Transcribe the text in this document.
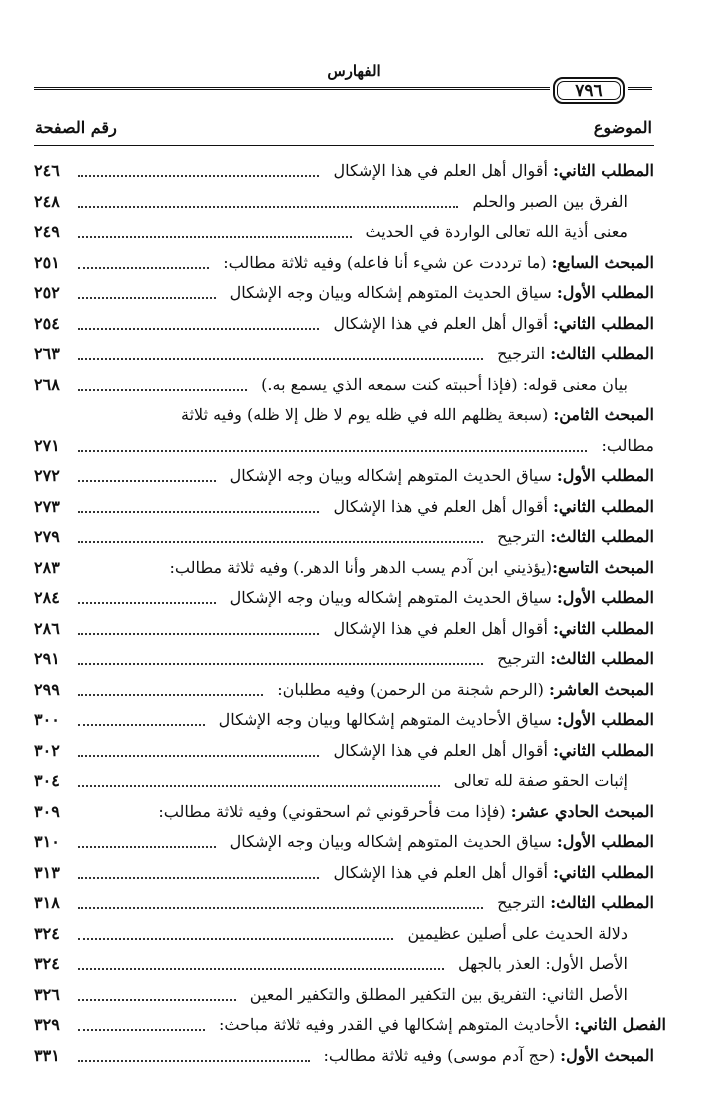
الفهارس
٧٩٦
الموضوع
رقم الصفحة
المطلب الثاني: أقوال أهل العلم في هذا الإشكال
٢٤٦
الفرق بين الصبر والحلم
٢٤٨
معنى أذية الله تعالى الواردة في الحديث
٢٤٩
المبحث السابع: (ما ترددت عن شيء أنا فاعله) وفيه ثلاثة مطالب:
٢٥١
المطلب الأول: سياق الحديث المتوهم إشكاله وبيان وجه الإشكال
٢٥٢
المطلب الثاني: أقوال أهل العلم في هذا الإشكال
٢٥٤
المطلب الثالث: الترجيح
٢٦٣
بيان معنى قوله: (فإذا أحببته كنت سمعه الذي يسمع به.)
٢٦٨
المبحث الثامن: (سبعة يظلهم الله في ظله يوم لا ظل إلا ظله) وفيه ثلاثة
مطالب:
٢٧١
المطلب الأول: سياق الحديث المتوهم إشكاله وبيان وجه الإشكال
٢٧٢
المطلب الثاني: أقوال أهل العلم في هذا الإشكال
٢٧٣
المطلب الثالث: الترجيح
٢٧٩
المبحث التاسع:(يؤذيني ابن آدم يسب الدهر وأنا الدهر.) وفيه ثلاثة مطالب:
٢٨٣
المطلب الأول: سياق الحديث المتوهم إشكاله وبيان وجه الإشكال
٢٨٤
المطلب الثاني: أقوال أهل العلم في هذا الإشكال
٢٨٦
المطلب الثالث: الترجيح
٢٩١
المبحث العاشر: (الرحم شجنة من الرحمن) وفيه مطلبان:
٢٩٩
المطلب الأول: سياق الأحاديث المتوهم إشكالها وبيان وجه الإشكال
٣٠٠
المطلب الثاني: أقوال أهل العلم في هذا الإشكال
٣٠٢
إثبات الحقو صفة لله تعالى
٣٠٤
المبحث الحادي عشر: (فإذا مت فأحرقوني ثم اسحقوني) وفيه ثلاثة مطالب:
٣٠٩
المطلب الأول: سياق الحديث المتوهم إشكاله وبيان وجه الإشكال
٣١٠
المطلب الثاني: أقوال أهل العلم في هذا الإشكال
٣١٣
المطلب الثالث: الترجيح
٣١٨
دلالة الحديث على أصلين عظيمين
٣٢٤
الأصل الأول: العذر بالجهل
٣٢٤
الأصل الثاني: التفريق بين التكفير المطلق والتكفير المعين
٣٢٦
الفصل الثاني: الأحاديث المتوهم إشكالها في القدر وفيه ثلاثة مباحث:
٣٢٩
المبحث الأول: (حج آدم موسى) وفيه ثلاثة مطالب:
٣٣١
